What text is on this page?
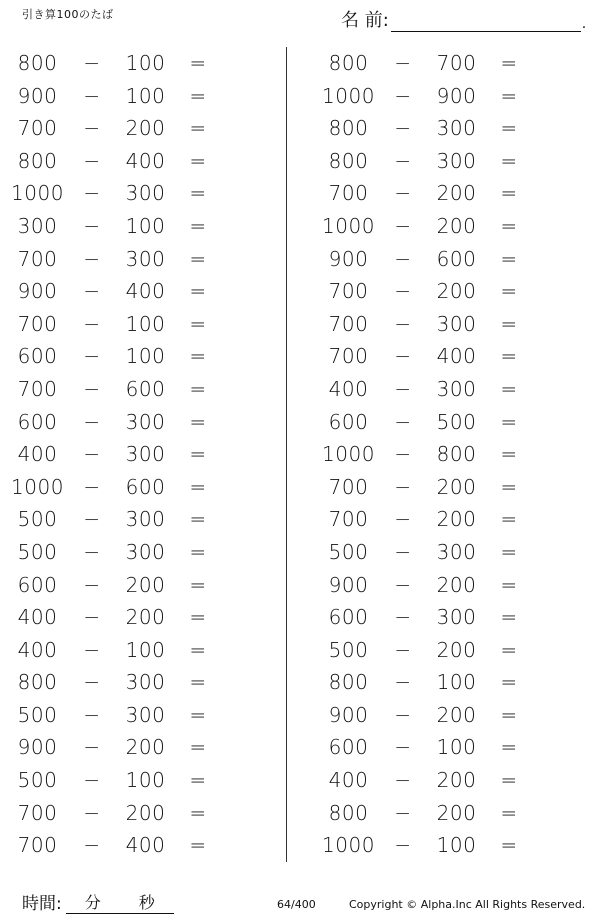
引き算100のたば	名 前:	.
800	−	100	=
900	−	100	=
700	−	200	=
800	−	400	=
1000 −	300	=
300	−	100	=
700	−	300	=
900	−	400	=
700	−	100	=
600	−	100	=
700	−	600	=
600	−	300	=
400	−	300	=
1000 −	600	=
500	−	300	=
500	−	300	=
600	−	200	=
400	−	200	=
400	−	100	=
800	−	300	=
500	−	300	=
900	−	200	=
500	−	100	=
700	−	200	=
700	−	400	=
800	−	700	=
1000 −	900	=
800	−	300	=
800	−	300	=
700	−	200	=
1000 −	200	=
900	−	600	=
700	−	200	=
700	−	300	=
700	−	400	=
400	−	300	=
600	−	500	=
1000 −	800	=
700	−	200	=
700	−	200	=
500	−	300	=
900	−	200	=
600	−	300	=
500	−	200	=
800	−	100	=
900	−	200	=
600	−	100	=
400	−	200	=
800	−	200	=
1000 −	100	=
時間: 分 秒	64/400	Copyright © Alpha.Inc All Rights Reserved.
